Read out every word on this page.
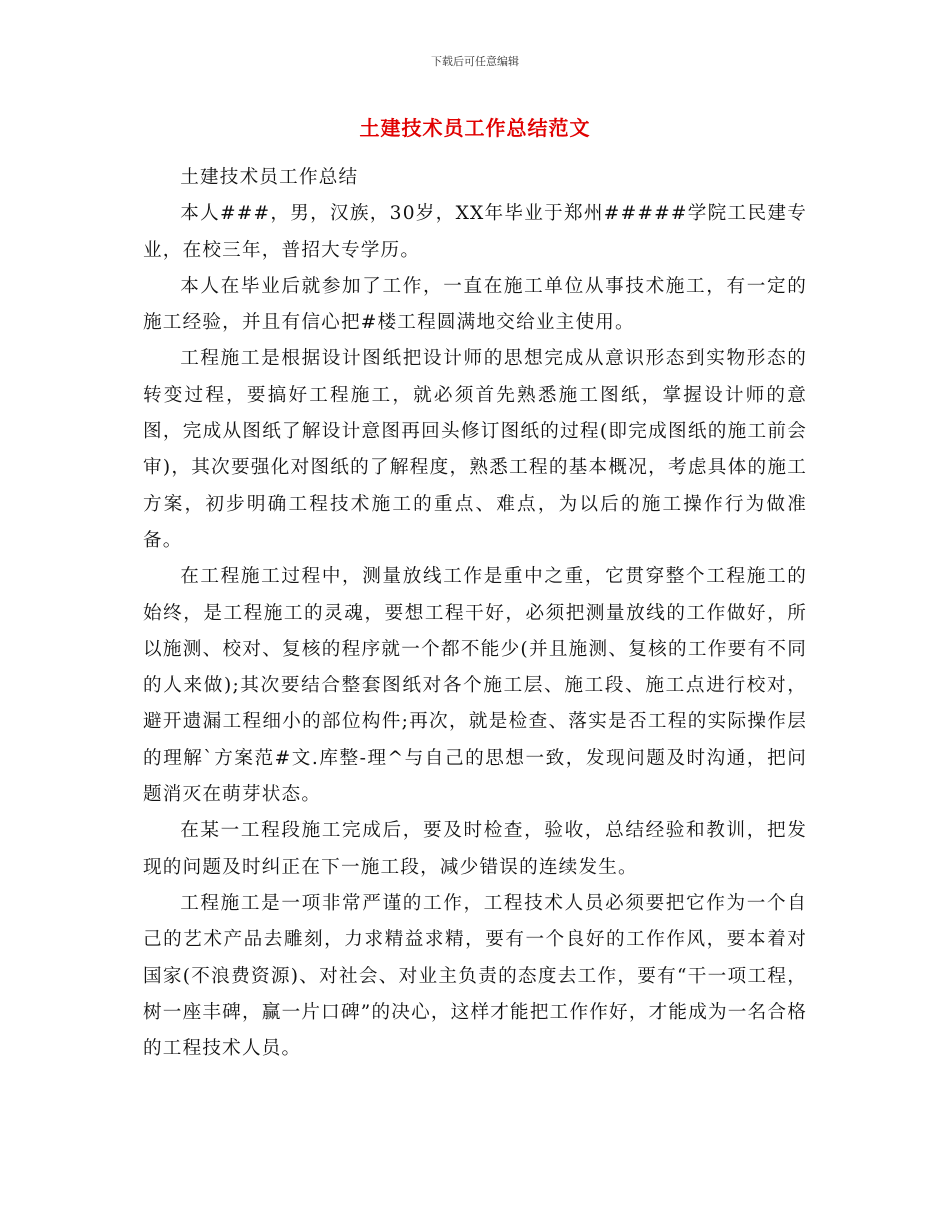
下载后可任意编辑
土建技术员工作总结范文

土建技术员工作总结

本人###，男，汉族，30岁，XX年毕业于郑州#####学院工民建专业，在校三年，普招大专学历。

本人在毕业后就参加了工作，一直在施工单位从事技术施工，有一定的施工经验，并且有信心把#楼工程圆满地交给业主使用。

工程施工是根据设计图纸把设计师的思想完成从意识形态到实物形态的转变过程，要搞好工程施工，就必须首先熟悉施工图纸，掌握设计师的意图，完成从图纸了解设计意图再回头修订图纸的过程(即完成图纸的施工前会审)，其次要强化对图纸的了解程度，熟悉工程的基本概况，考虑具体的施工方案，初步明确工程技术施工的重点、难点，为以后的施工操作行为做准备。

在工程施工过程中，测量放线工作是重中之重，它贯穿整个工程施工的始终，是工程施工的灵魂，要想工程干好，必须把测量放线的工作做好，所以施测、校对、复核的程序就一个都不能少(并且施测、复核的工作要有不同的人来做);其次要结合整套图纸对各个施工层、施工段、施工点进行校对，避开遗漏工程细小的部位构件;再次，就是检查、落实是否工程的实际操作层的理解`方案范#文.库整-理^与自己的思想一致，发现问题及时沟通，把问题消灭在萌芽状态。

在某一工程段施工完成后，要及时检查，验收，总结经验和教训，把发现的问题及时纠正在下一施工段，减少错误的连续发生。

工程施工是一项非常严谨的工作，工程技术人员必须要把它作为一个自己的艺术产品去雕刻，力求精益求精，要有一个良好的工作作风，要本着对国家(不浪费资源)、对社会、对业主负责的态度去工作，要有“干一项工程，树一座丰碑，赢一片口碑”的决心，这样才能把工作作好，才能成为一名合格的工程技术人员。
